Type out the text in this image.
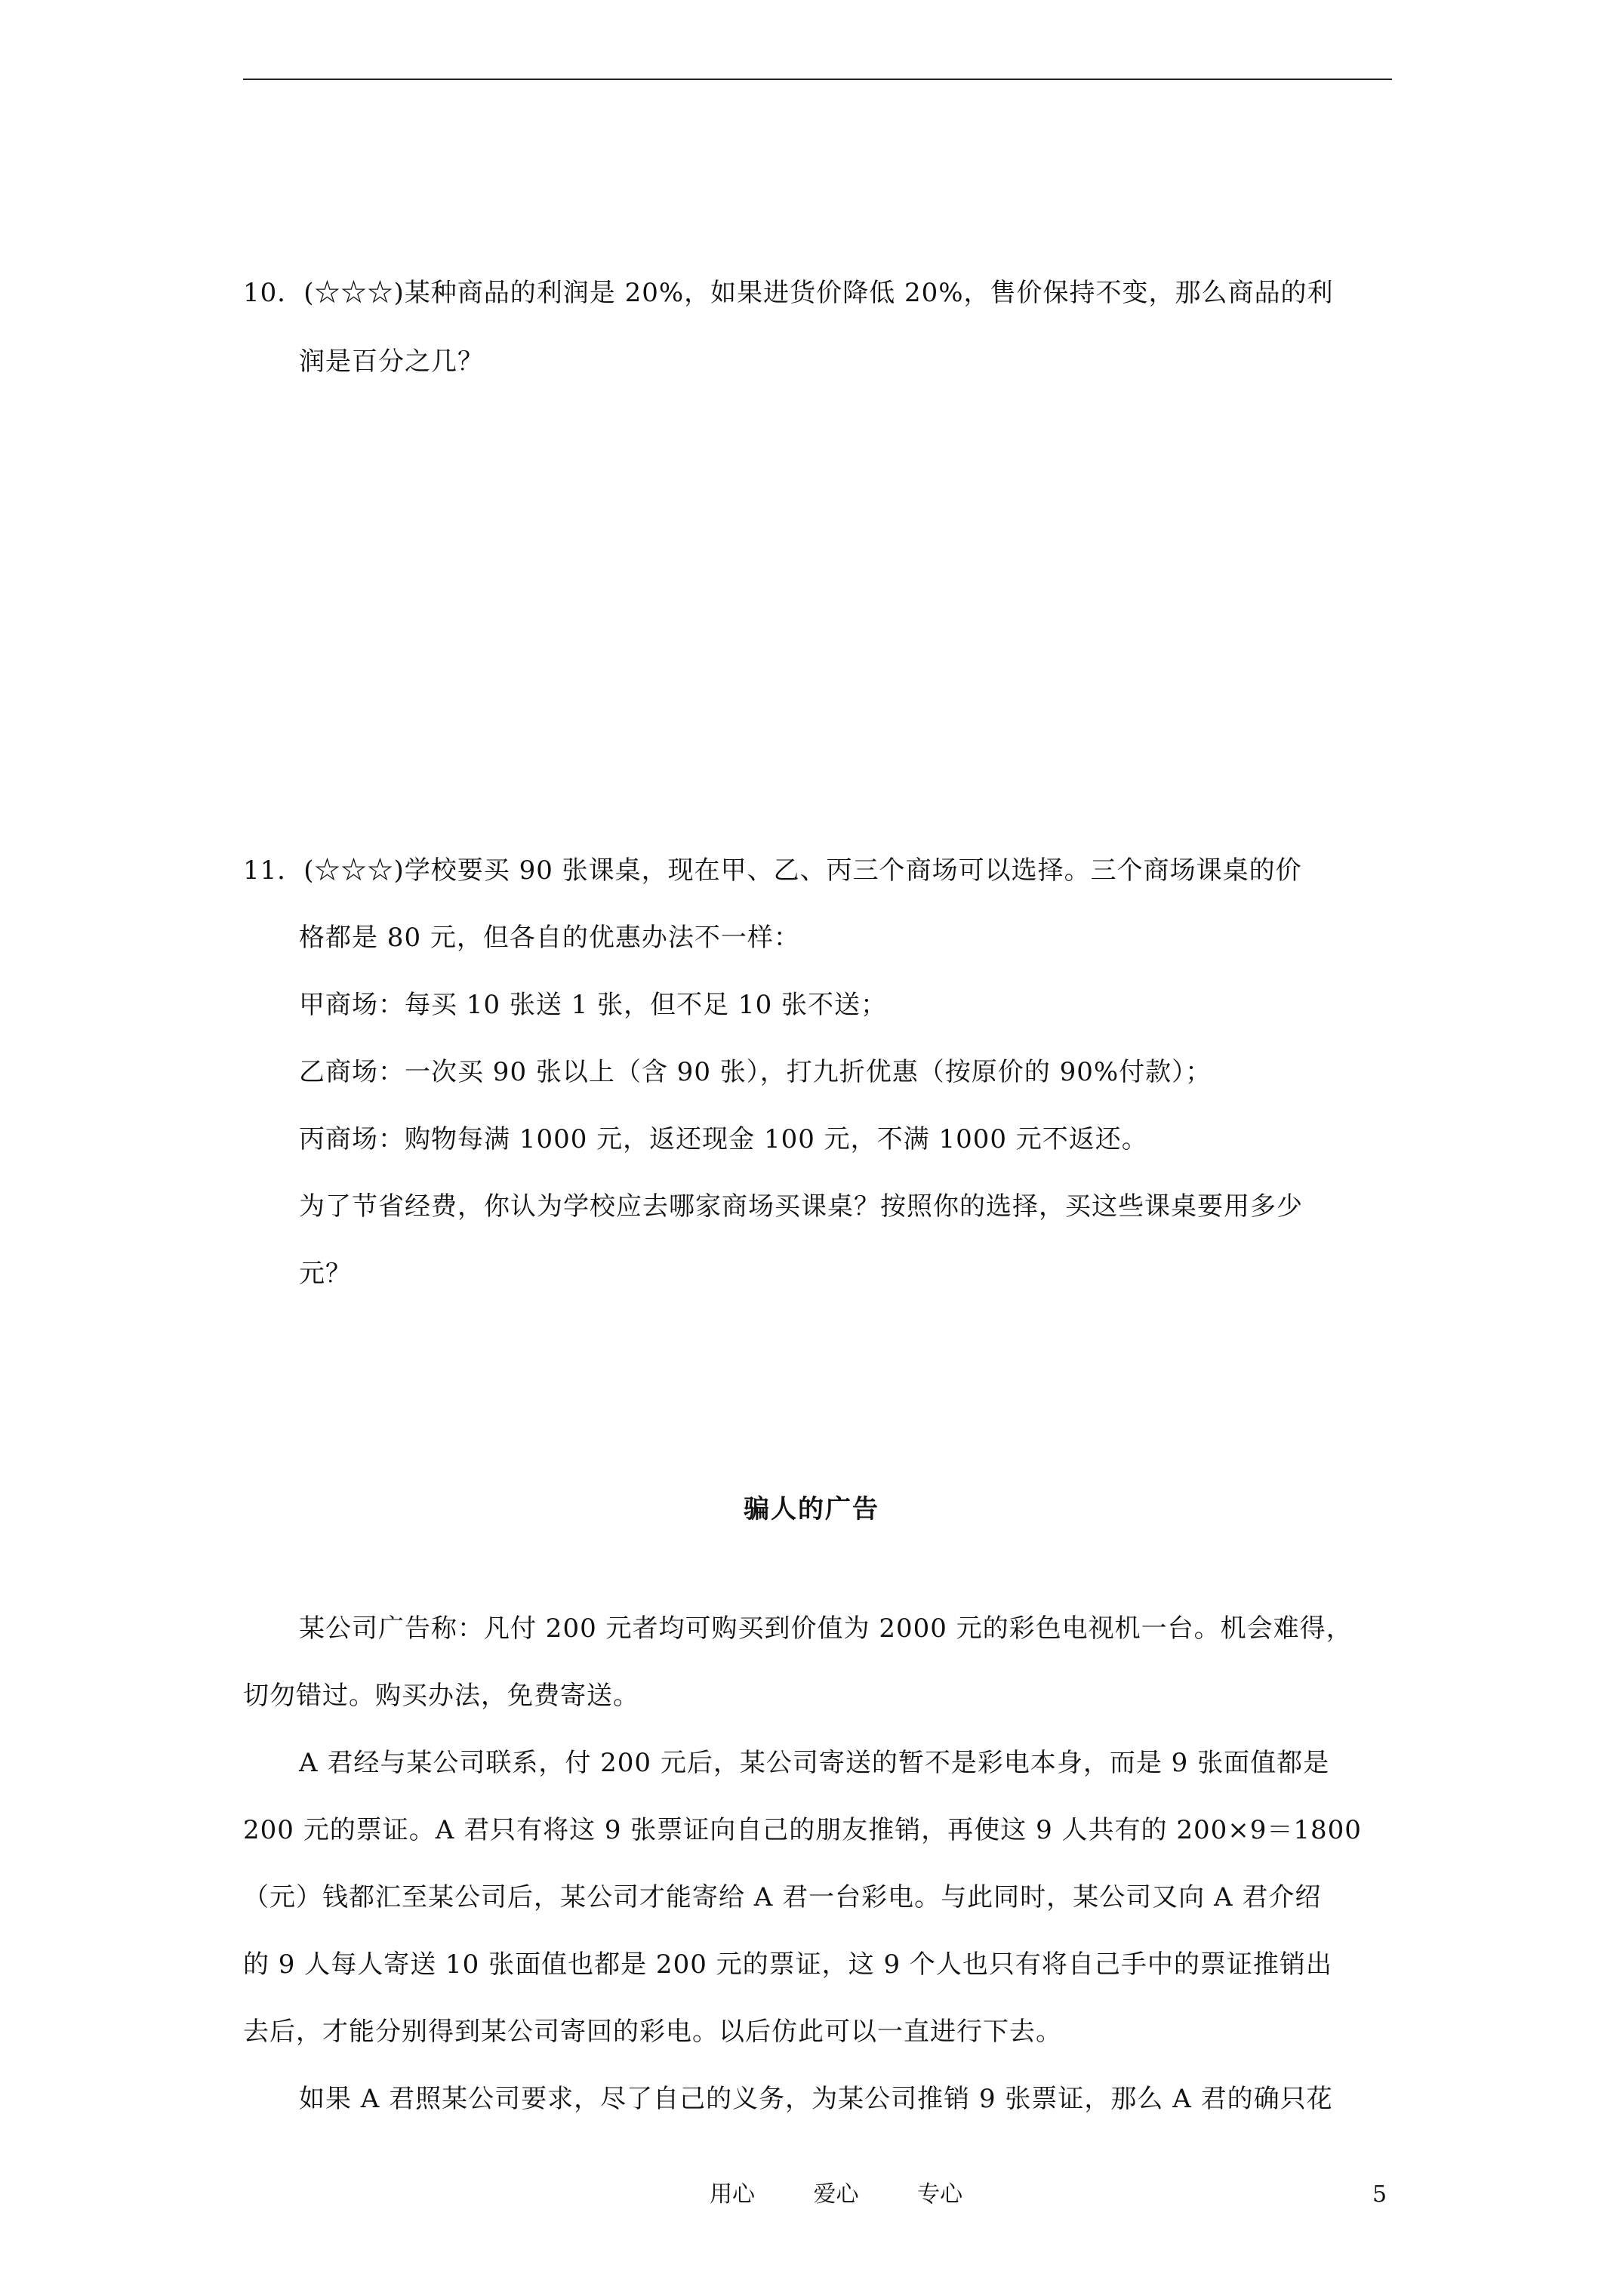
10．(☆☆☆)某种商品的利润是 20%，如果进货价降低 20%，售价保持不变，那么商品的利
润是百分之几？
11．(☆☆☆)学校要买 90 张课桌，现在甲、乙、丙三个商场可以选择。三个商场课桌的价
格都是 80 元，但各自的优惠办法不一样：
甲商场：每买 10 张送 1 张，但不足 10 张不送；
乙商场：一次买 90 张以上（含 90 张），打九折优惠（按原价的 90%付款）；
丙商场：购物每满 1000 元，返还现金 100 元，不满 1000 元不返还。
为了节省经费，你认为学校应去哪家商场买课桌？按照你的选择，买这些课桌要用多少
元？
骗人的广告
某公司广告称：凡付 200 元者均可购买到价值为 2000 元的彩色电视机一台。机会难得，
切勿错过。购买办法，免费寄送。
A 君经与某公司联系，付 200 元后，某公司寄送的暂不是彩电本身，而是 9 张面值都是
200 元的票证。A 君只有将这 9 张票证向自己的朋友推销，再使这 9 人共有的 200×9＝1800
（元）钱都汇至某公司后，某公司才能寄给 A 君一台彩电。与此同时，某公司又向 A 君介绍
的 9 人每人寄送 10 张面值也都是 200 元的票证，这 9 个人也只有将自己手中的票证推销出
去后，才能分别得到某公司寄回的彩电。以后仿此可以一直进行下去。
如果 A 君照某公司要求，尽了自己的义务，为某公司推销 9 张票证，那么 A 君的确只花
用心	爱心	专心	5
